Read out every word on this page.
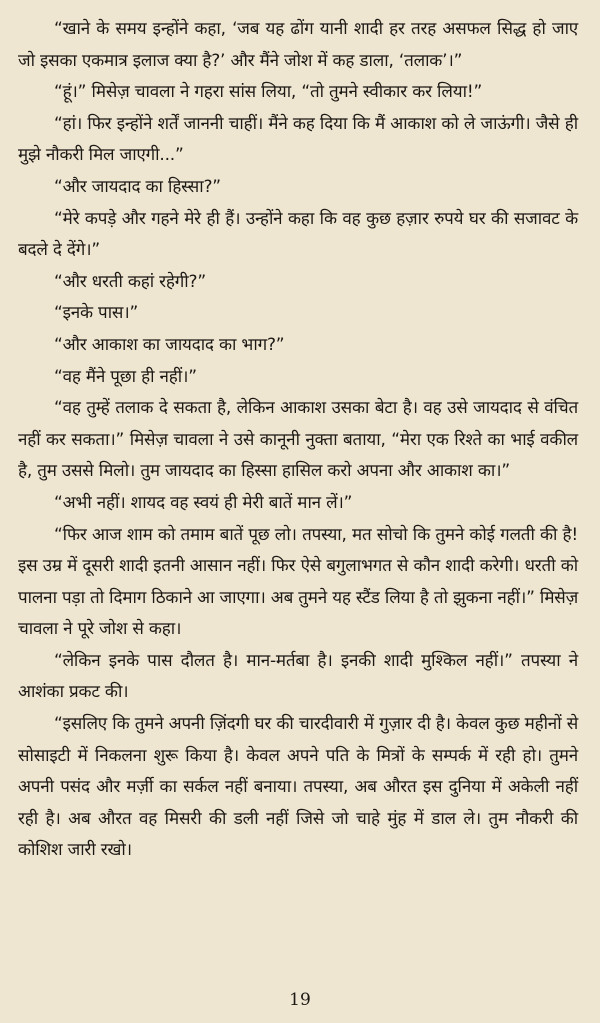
“खाने के समय इन्होंने कहा, ‘जब यह ढोंग यानी शादी हर तरह असफल सिद्ध हो जाए जो इसका एकमात्र इलाज क्या है?’ और मैंने जोश में कह डाला, ‘तलाक’।”

“हूं।” मिसेज़ चावला ने गहरा सांस लिया, “तो तुमने स्वीकार कर लिया!”

“हां। फिर इन्होंने शर्तें जाननी चाहीं। मैंने कह दिया कि मैं आकाश को ले जाऊंगी। जैसे ही मुझे नौकरी मिल जाएगी...”

“और जायदाद का हिस्सा?”

“मेरे कपड़े और गहने मेरे ही हैं। उन्होंने कहा कि वह कुछ हज़ार रुपये घर की सजावट के बदले दे देंगे।”

“और धरती कहां रहेगी?”

“इनके पास।”

“और आकाश का जायदाद का भाग?”

“वह मैंने पूछा ही नहीं।”

“वह तुम्हें तलाक दे सकता है, लेकिन आकाश उसका बेटा है। वह उसे जायदाद से वंचित नहीं कर सकता।” मिसेज़ चावला ने उसे कानूनी नुक्ता बताया, “मेरा एक रिश्ते का भाई वकील है, तुम उससे मिलो। तुम जायदाद का हिस्सा हासिल करो अपना और आकाश का।”

“अभी नहीं। शायद वह स्वयं ही मेरी बातें मान लें।”

“फिर आज शाम को तमाम बातें पूछ लो। तपस्या, मत सोचो कि तुमने कोई गलती की है! इस उम्र में दूसरी शादी इतनी आसान नहीं। फिर ऐसे बगुलाभगत से कौन शादी करेगी। धरती को पालना पड़ा तो दिमाग ठिकाने आ जाएगा। अब तुमने यह स्टैंड लिया है तो झुकना नहीं।” मिसेज़ चावला ने पूरे जोश से कहा।

“लेकिन इनके पास दौलत है। मान-मर्तबा है। इनकी शादी मुश्किल नहीं।” तपस्या ने आशंका प्रकट की।

“इसलिए कि तुमने अपनी ज़िंदगी घर की चारदीवारी में गुज़ार दी है। केवल कुछ महीनों से सोसाइटी में निकलना शुरू किया है। केवल अपने पति के मित्रों के सम्पर्क में रही हो। तुमने अपनी पसंद और मर्ज़ी का सर्कल नहीं बनाया। तपस्या, अब औरत इस दुनिया में अकेली नहीं रही है। अब औरत वह मिसरी की डली नहीं जिसे जो चाहे मुंह में डाल ले। तुम नौकरी की कोशिश जारी रखो।

19
